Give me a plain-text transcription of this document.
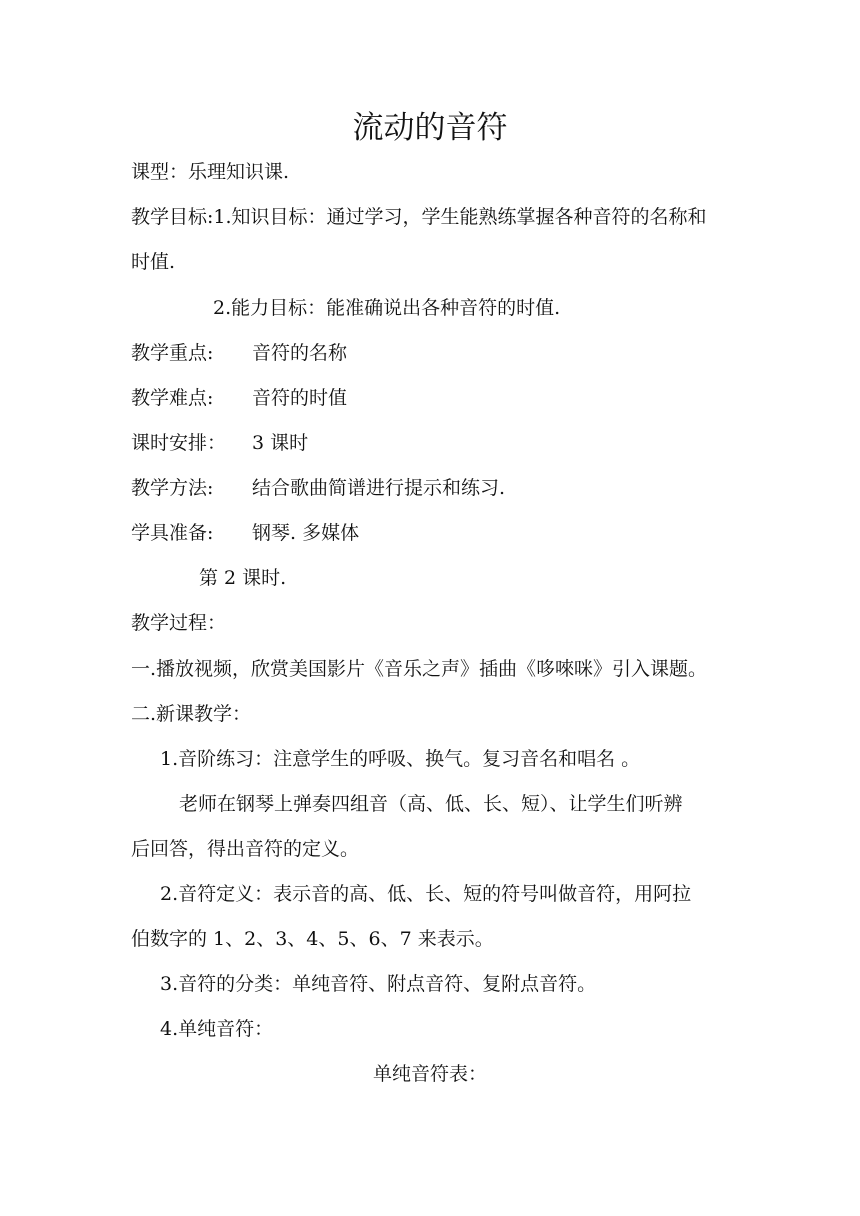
流动的音符
课型：乐理知识课.
教学目标:1.知识目标：通过学习，学生能熟练掌握各种音符的名称和
时值.
2.能力目标：能准确说出各种音符的时值.
教学重点: 音符的名称
教学难点: 音符的时值
课时安排： 3 课时
教学方法: 结合歌曲简谱进行提示和练习.
学具准备: 钢琴. 多媒体
第 2 课时.
教学过程：
一.播放视频，欣赏美国影片《音乐之声》插曲《哆唻咪》引入课题。
二.新课教学：
1.音阶练习：注意学生的呼吸、换气。复习音名和唱名 。
老师在钢琴上弹奏四组音（高、低、长、短）、让学生们听辨
后回答，得出音符的定义。
2.音符定义：表示音的高、低、长、短的符号叫做音符，用阿拉
伯数字的 1、2、3、4、5、6、7 来表示。
3.音符的分类：单纯音符、附点音符、复附点音符。
4.单纯音符：
单纯音符表：
